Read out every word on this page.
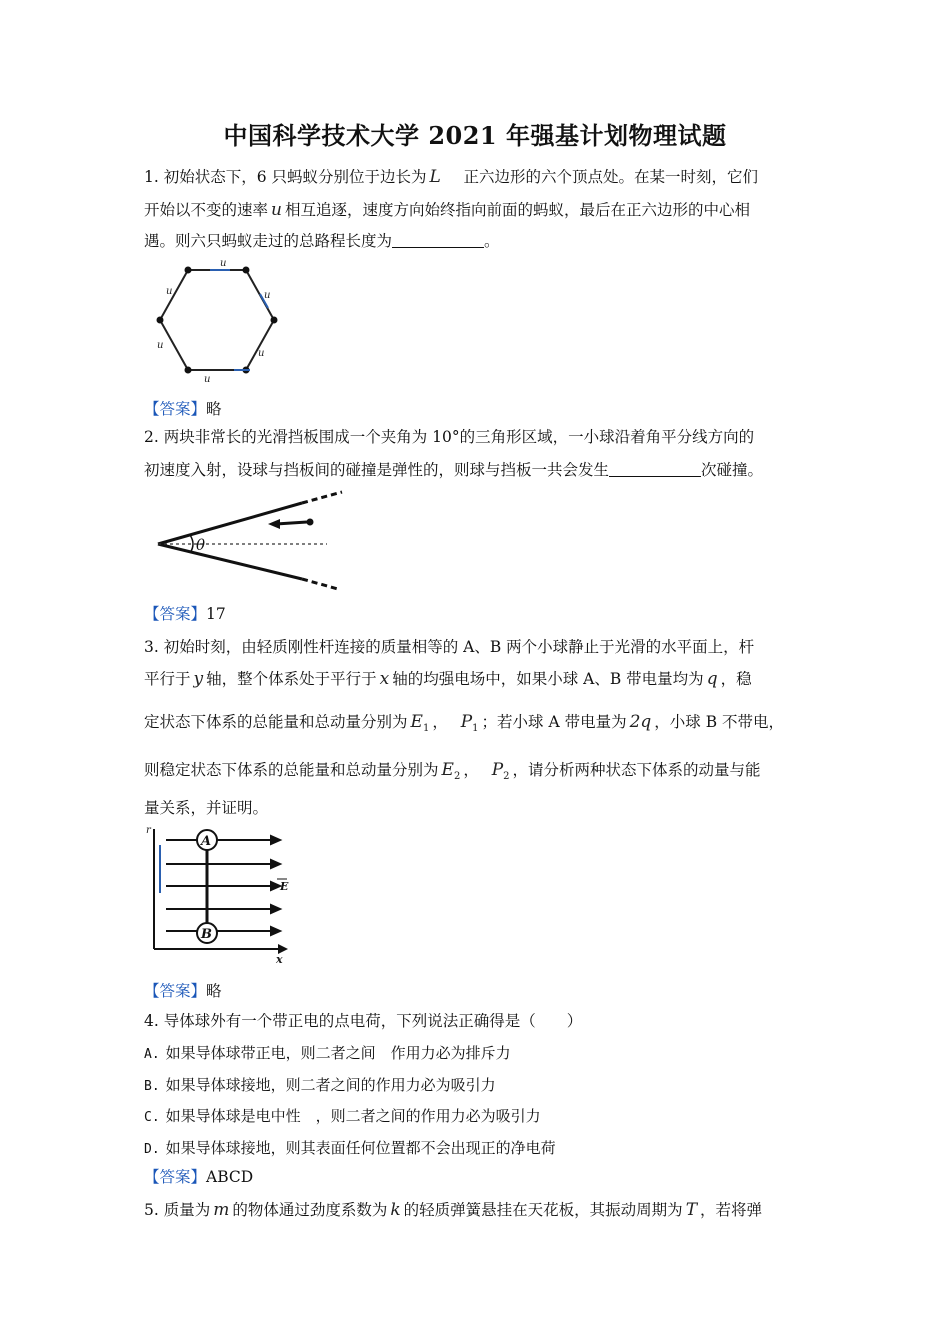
中国科学技术大学 2021 年强基计划物理试题
1. 初始状态下，6 只蚂蚁分别位于边长为 L 正六边形的六个顶点处。在某一时刻，它们
开始以不变的速率 u 相互追逐，速度方向始终指向前面的蚂蚁，最后在正六边形的中心相
遇。则六只蚂蚁走过的总路程长度为	。
u
u
u
u
u
u
【答案】略
2. 两块非常长的光滑挡板围成一个夹角为 10°的三角形区域，一小球沿着角平分线方向的
初速度入射，设球与挡板间的碰撞是弹性的，则球与挡板一共会发生	次碰撞。
θ
【答案】17
3. 初始时刻，由轻质刚性杆连接的质量相等的 A、B 两个小球静止于光滑的水平面上，杆
平行于 y 轴，整个体系处于平行于 x 轴的均强电场中，如果小球 A、B 带电量均为 q ，稳
定状态下体系的总能量和总动量分别为 $E_1$ ， $P_1$ ；若小球 A 带电量为 2q ，小球 B 不带电，
则稳定状态下体系的总能量和总动量分别为 $E_2$ ， $P_2$ ，请分析两种状态下体系的动量与能
量关系，并证明。
r
x
E
A
B
【答案】略
4. 导体球外有一个带正电的点电荷，下列说法正确得是（　　）
A. 如果导体球带正电，则二者之间　作用力必为排斥力
B. 如果导体球接地，则二者之间的作用力必为吸引力
C. 如果导体球是电中性　，则二者之间的作用力必为吸引力
D. 如果导体球接地，则其表面任何位置都不会出现正的净电荷
【答案】ABCD
5. 质量为 m 的物体通过劲度系数为 k 的轻质弹簧悬挂在天花板，其振动周期为 T ，若将弹
